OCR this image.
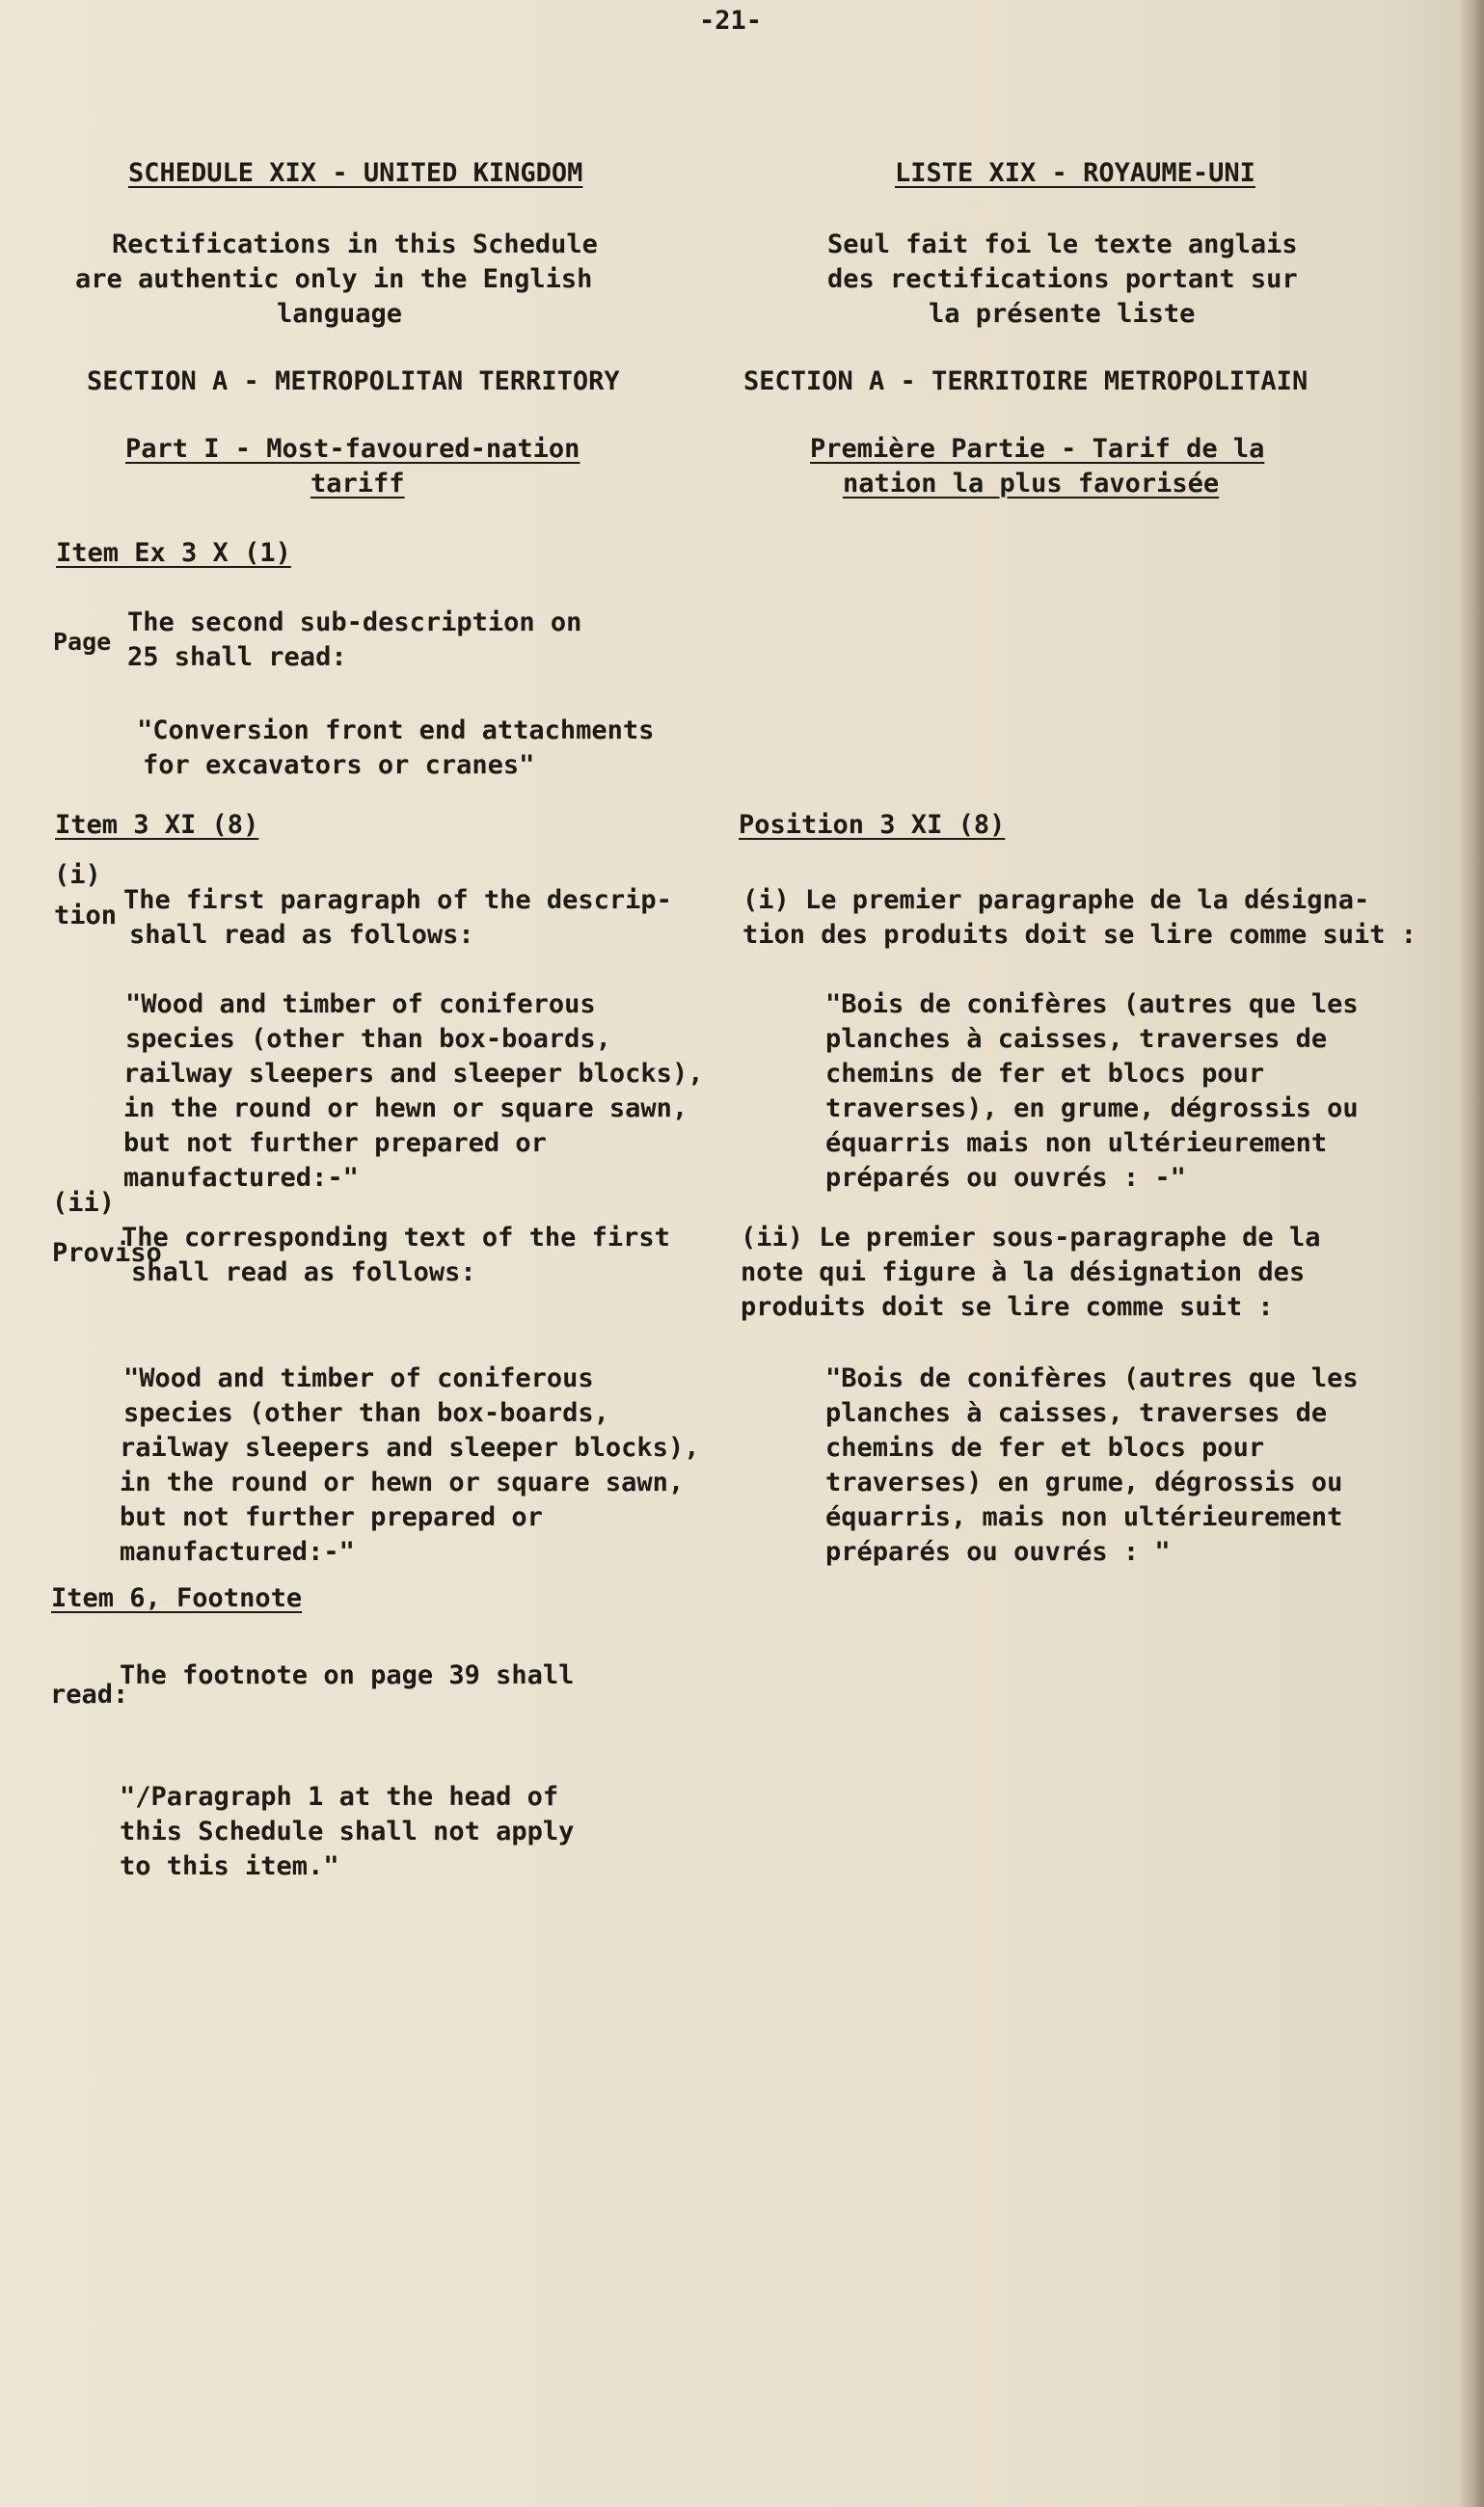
-21-
SCHEDULE XIX - UNITED KINGDOM
Rectifications in this Schedule
are authentic only in the English
language
SECTION A - METROPOLITAN TERRITORY
Part I - Most-favoured-nation
tariff
Item Ex 3 X (1)
The second sub-description on
Page
25 shall read:
"Conversion front end attachments
for excavators or cranes"
Item 3 XI (8)
(i)
The first paragraph of the descrip-
tion
shall read as follows:
"Wood and timber of coniferous
species (other than box-boards,
railway sleepers and sleeper blocks),
in the round or hewn or square sawn,
but not further prepared or
manufactured:-"
(ii)
The corresponding text of the first
Proviso
shall read as follows:
"Wood and timber of coniferous
species (other than box-boards,
railway sleepers and sleeper blocks),
in the round or hewn or square sawn,
but not further prepared or
manufactured:-"
Item 6, Footnote
The footnote on page 39 shall
read:
"/Paragraph 1 at the head of
this Schedule shall not apply
to this item."
LISTE XIX - ROYAUME-UNI
Seul fait foi le texte anglais
des rectifications portant sur
la présente liste
SECTION A - TERRITOIRE METROPOLITAIN
Première Partie - Tarif de la
nation la plus favorisée
Position 3 XI (8)
(i) Le premier paragraphe de la désigna-
tion des produits doit se lire comme suit :
"Bois de conifères (autres que les
planches à caisses, traverses de
chemins de fer et blocs pour
traverses), en grume, dégrossis ou
équarris mais non ultérieurement
préparés ou ouvrés : -"
(ii) Le premier sous-paragraphe de la
note qui figure à la désignation des
produits doit se lire comme suit :
"Bois de conifères (autres que les
planches à caisses, traverses de
chemins de fer et blocs pour
traverses) en grume, dégrossis ou
équarris, mais non ultérieurement
préparés ou ouvrés : "
